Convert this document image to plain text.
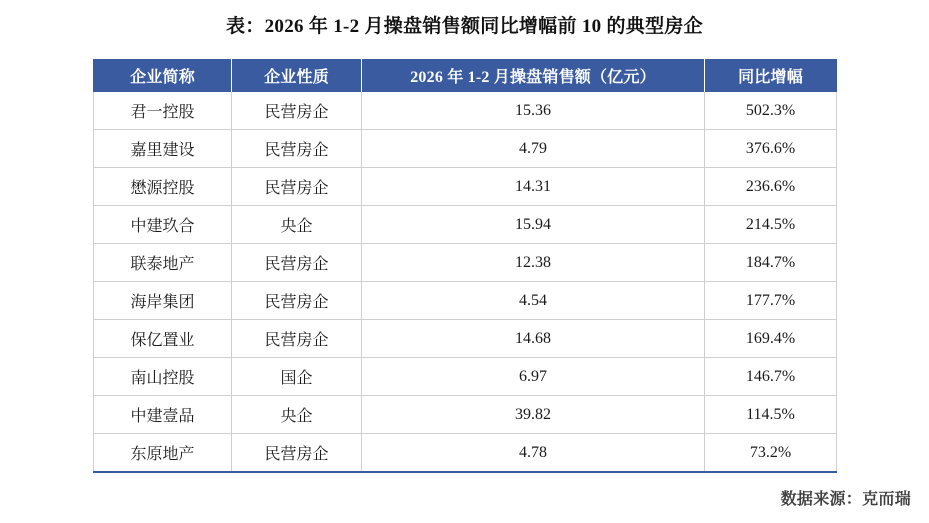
表：2026 年 1-2 月操盘销售额同比增幅前 10 的典型房企
企业简称	企业性质	2026 年 1-2 月操盘销售额（亿元）	同比增幅
君一控股	民营房企	15.36	502.3%
嘉里建设	民营房企	4.79	376.6%
懋源控股	民营房企	14.31	236.6%
中建玖合	央企	15.94	214.5%
联泰地产	民营房企	12.38	184.7%
海岸集团	民营房企	4.54	177.7%
保亿置业	民营房企	14.68	169.4%
南山控股	国企	6.97	146.7%
中建壹品	央企	39.82	114.5%
东原地产	民营房企	4.78	73.2%
数据来源：克而瑞
